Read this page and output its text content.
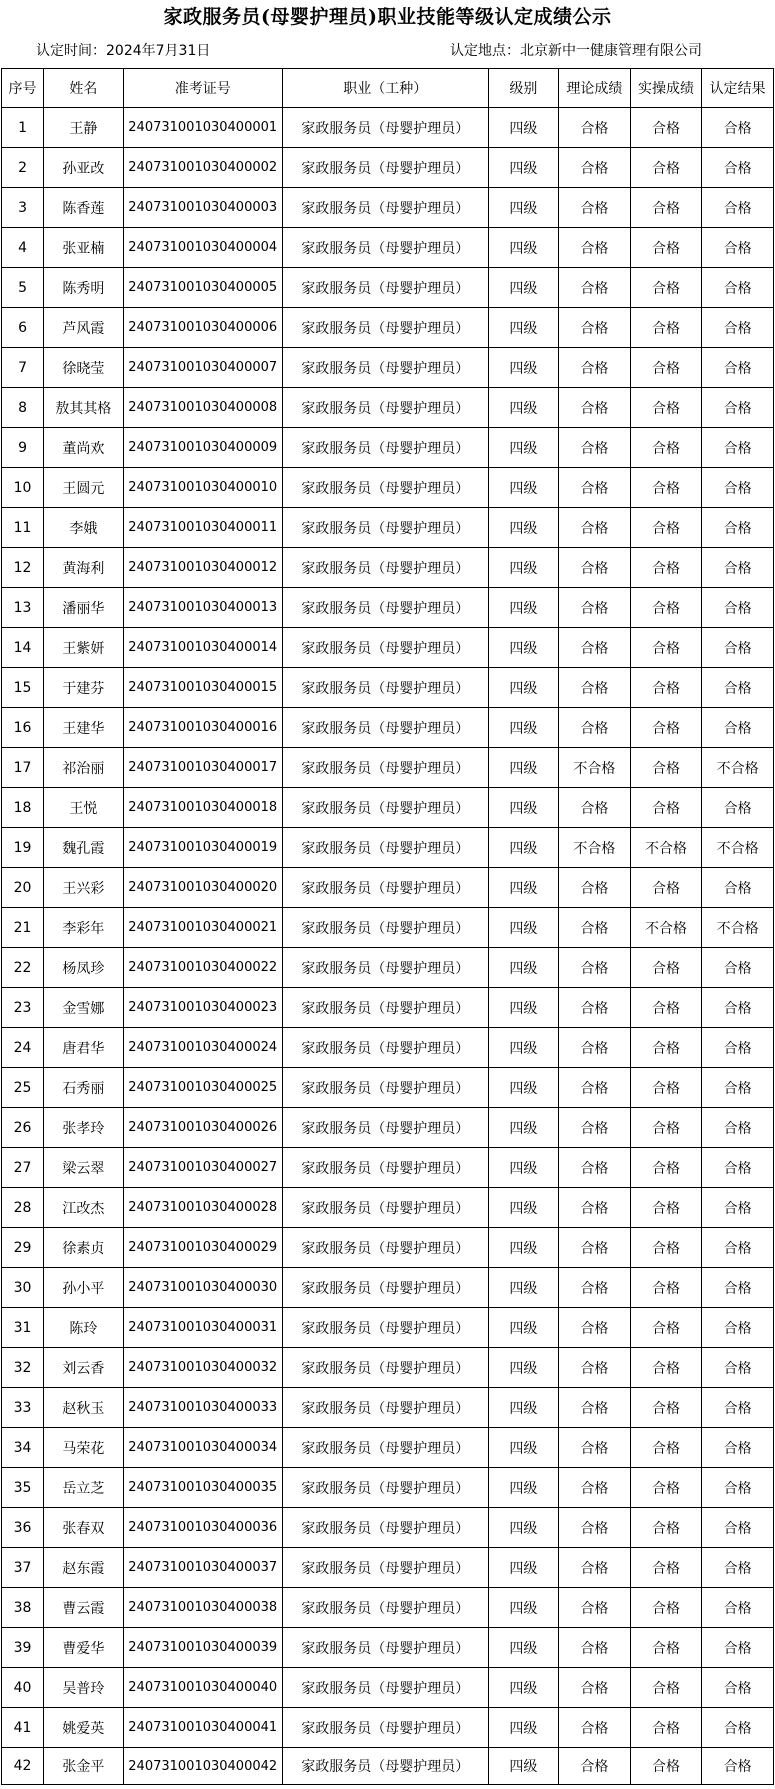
家政服务员(母婴护理员)职业技能等级认定成绩公示
认定时间：2024年7月31日	认定地点：北京新中一健康管理有限公司
序号	姓名	准考证号	职业（工种）	级别	理论成绩	实操成绩	认定结果
1	王静	240731001030400001	家政服务员（母婴护理员）	四级	合格	合格	合格
2	孙亚改	240731001030400002	家政服务员（母婴护理员）	四级	合格	合格	合格
3	陈香莲	240731001030400003	家政服务员（母婴护理员）	四级	合格	合格	合格
4	张亚楠	240731001030400004	家政服务员（母婴护理员）	四级	合格	合格	合格
5	陈秀明	240731001030400005	家政服务员（母婴护理员）	四级	合格	合格	合格
6	芦风霞	240731001030400006	家政服务员（母婴护理员）	四级	合格	合格	合格
7	徐晓莹	240731001030400007	家政服务员（母婴护理员）	四级	合格	合格	合格
8	敖其其格	240731001030400008	家政服务员（母婴护理员）	四级	合格	合格	合格
9	董尚欢	240731001030400009	家政服务员（母婴护理员）	四级	合格	合格	合格
10	王圆元	240731001030400010	家政服务员（母婴护理员）	四级	合格	合格	合格
11	李娥	240731001030400011	家政服务员（母婴护理员）	四级	合格	合格	合格
12	黄海利	240731001030400012	家政服务员（母婴护理员）	四级	合格	合格	合格
13	潘丽华	240731001030400013	家政服务员（母婴护理员）	四级	合格	合格	合格
14	王紫妍	240731001030400014	家政服务员（母婴护理员）	四级	合格	合格	合格
15	于建芬	240731001030400015	家政服务员（母婴护理员）	四级	合格	合格	合格
16	王建华	240731001030400016	家政服务员（母婴护理员）	四级	合格	合格	合格
17	祁治丽	240731001030400017	家政服务员（母婴护理员）	四级	不合格	合格	不合格
18	王悦	240731001030400018	家政服务员（母婴护理员）	四级	合格	合格	合格
19	魏孔霞	240731001030400019	家政服务员（母婴护理员）	四级	不合格	不合格	不合格
20	王兴彩	240731001030400020	家政服务员（母婴护理员）	四级	合格	合格	合格
21	李彩年	240731001030400021	家政服务员（母婴护理员）	四级	合格	不合格	不合格
22	杨凤珍	240731001030400022	家政服务员（母婴护理员）	四级	合格	合格	合格
23	金雪娜	240731001030400023	家政服务员（母婴护理员）	四级	合格	合格	合格
24	唐君华	240731001030400024	家政服务员（母婴护理员）	四级	合格	合格	合格
25	石秀丽	240731001030400025	家政服务员（母婴护理员）	四级	合格	合格	合格
26	张孝玲	240731001030400026	家政服务员（母婴护理员）	四级	合格	合格	合格
27	梁云翠	240731001030400027	家政服务员（母婴护理员）	四级	合格	合格	合格
28	江改杰	240731001030400028	家政服务员（母婴护理员）	四级	合格	合格	合格
29	徐素贞	240731001030400029	家政服务员（母婴护理员）	四级	合格	合格	合格
30	孙小平	240731001030400030	家政服务员（母婴护理员）	四级	合格	合格	合格
31	陈玲	240731001030400031	家政服务员（母婴护理员）	四级	合格	合格	合格
32	刘云香	240731001030400032	家政服务员（母婴护理员）	四级	合格	合格	合格
33	赵秋玉	240731001030400033	家政服务员（母婴护理员）	四级	合格	合格	合格
34	马荣花	240731001030400034	家政服务员（母婴护理员）	四级	合格	合格	合格
35	岳立芝	240731001030400035	家政服务员（母婴护理员）	四级	合格	合格	合格
36	张春双	240731001030400036	家政服务员（母婴护理员）	四级	合格	合格	合格
37	赵东霞	240731001030400037	家政服务员（母婴护理员）	四级	合格	合格	合格
38	曹云霞	240731001030400038	家政服务员（母婴护理员）	四级	合格	合格	合格
39	曹爱华	240731001030400039	家政服务员（母婴护理员）	四级	合格	合格	合格
40	吴普玲	240731001030400040	家政服务员（母婴护理员）	四级	合格	合格	合格
41	姚爱英	240731001030400041	家政服务员（母婴护理员）	四级	合格	合格	合格
42	张金平	240731001030400042	家政服务员（母婴护理员）	四级	合格	合格	合格
